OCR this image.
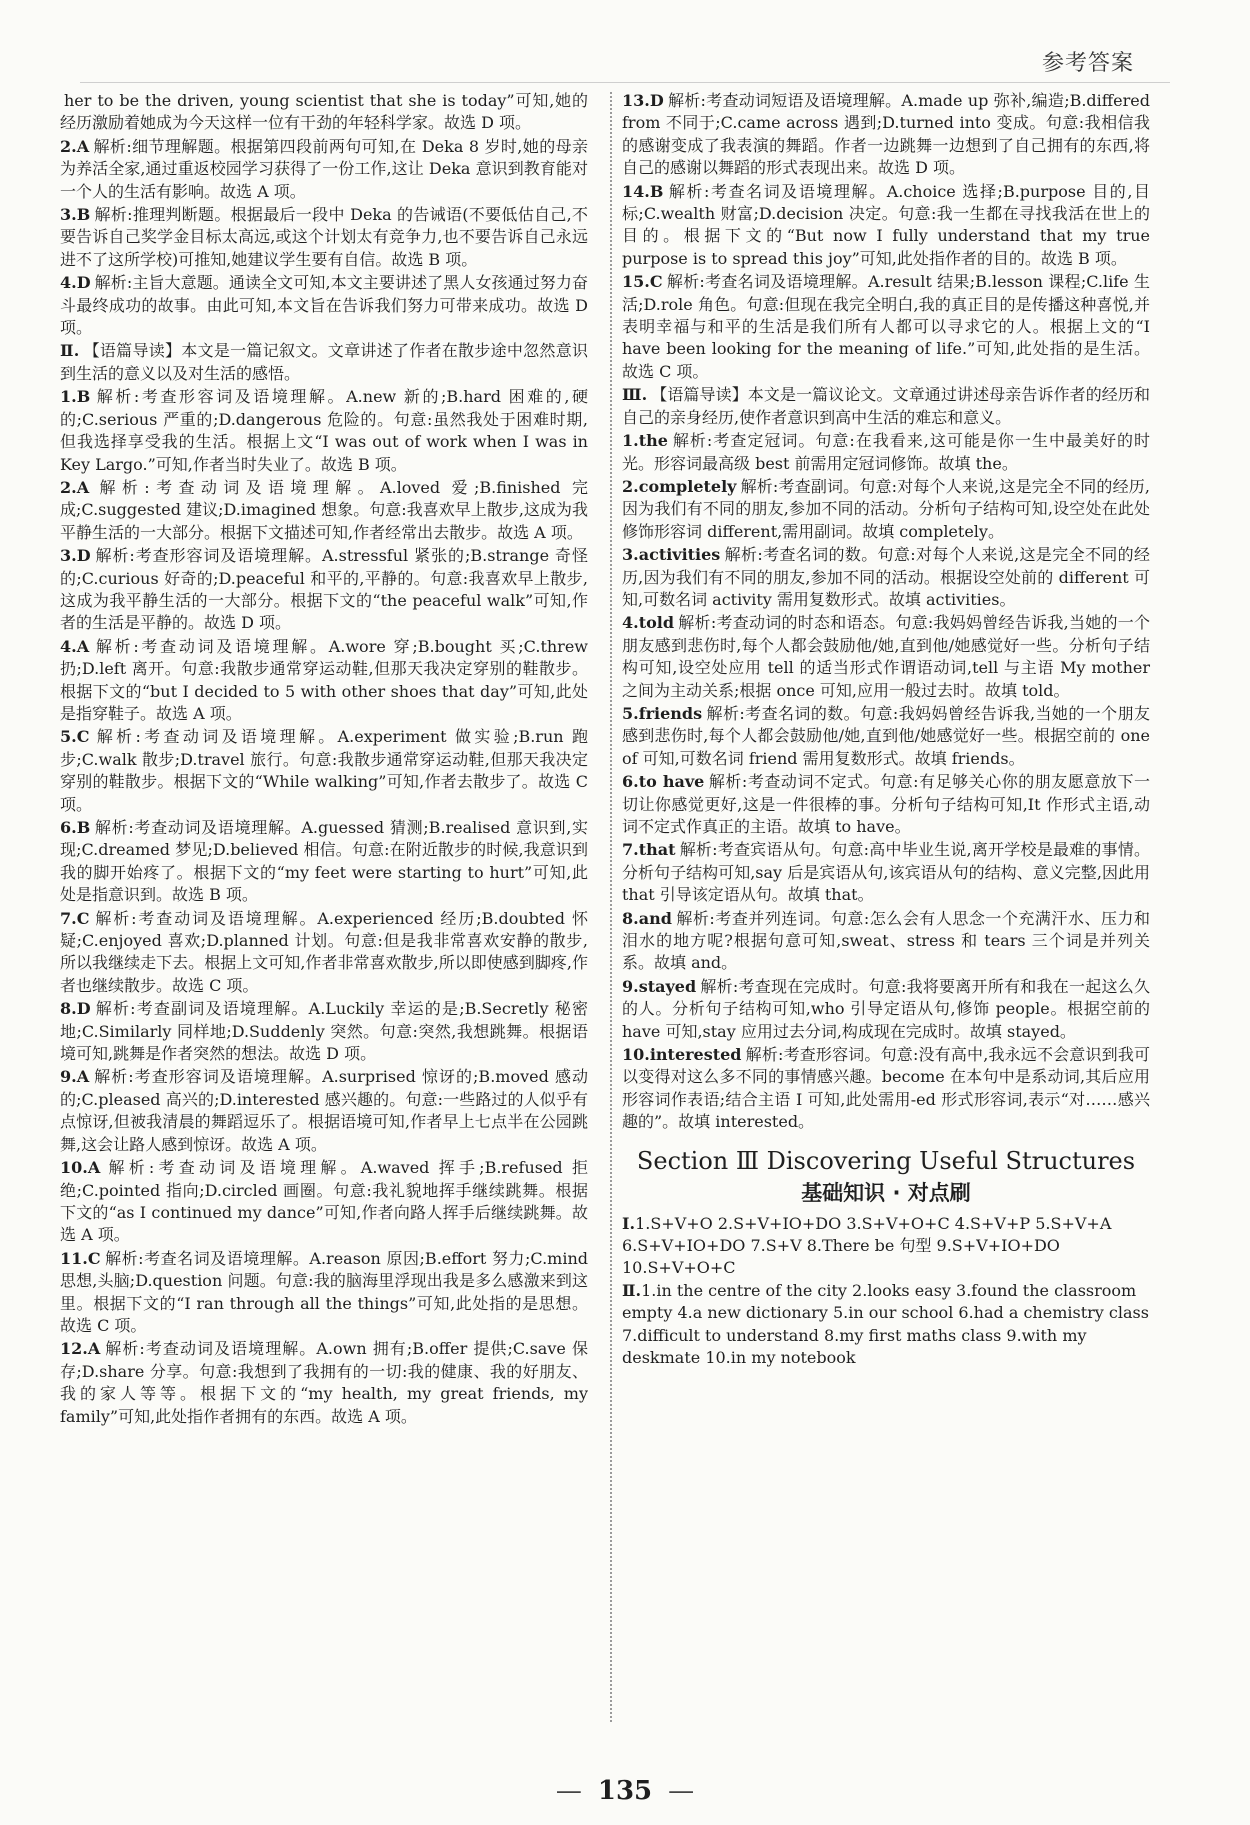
参考答案
her to be the driven, young scientist that she is today”可知,她的经历激励着她成为今天这样一位有干劲的年轻科学家。故选 D 项。
2.A 解析:细节理解题。根据第四段前两句可知,在 Deka 8 岁时,她的母亲为养活全家,通过重返校园学习获得了一份工作,这让 Deka 意识到教育能对一个人的生活有影响。故选 A 项。
3.B 解析:推理判断题。根据最后一段中 Deka 的告诫语(不要低估自己,不要告诉自己奖学金目标太高远,或这个计划太有竞争力,也不要告诉自己永远进不了这所学校)可推知,她建议学生要有自信。故选 B 项。
4.D 解析:主旨大意题。通读全文可知,本文主要讲述了黑人女孩通过努力奋斗最终成功的故事。由此可知,本文旨在告诉我们努力可带来成功。故选 D 项。
Ⅱ. 【语篇导读】本文是一篇记叙文。文章讲述了作者在散步途中忽然意识到生活的意义以及对生活的感悟。
1.B 解析:考查形容词及语境理解。A.new 新的;B.hard 困难的,硬的;C.serious 严重的;D.dangerous 危险的。句意:虽然我处于困难时期,但我选择享受我的生活。根据上文“I was out of work when I was in Key Largo.”可知,作者当时失业了。故选 B 项。
2.A 解析:考查动词及语境理解。A.loved 爱;B.finished 完成;C.suggested 建议;D.imagined 想象。句意:我喜欢早上散步,这成为我平静生活的一大部分。根据下文描述可知,作者经常出去散步。故选 A 项。
3.D 解析:考查形容词及语境理解。A.stressful 紧张的;B.strange 奇怪的;C.curious 好奇的;D.peaceful 和平的,平静的。句意:我喜欢早上散步,这成为我平静生活的一大部分。根据下文的“the peaceful walk”可知,作者的生活是平静的。故选 D 项。
4.A 解析:考查动词及语境理解。A.wore 穿;B.bought 买;C.threw 扔;D.left 离开。句意:我散步通常穿运动鞋,但那天我决定穿别的鞋散步。根据下文的“but I decided to 5 with other shoes that day”可知,此处是指穿鞋子。故选 A 项。
5.C 解析:考查动词及语境理解。A.experiment 做实验;B.run 跑步;C.walk 散步;D.travel 旅行。句意:我散步通常穿运动鞋,但那天我决定穿别的鞋散步。根据下文的“While walking”可知,作者去散步了。故选 C 项。
6.B 解析:考查动词及语境理解。A.guessed 猜测;B.realised 意识到,实现;C.dreamed 梦见;D.believed 相信。句意:在附近散步的时候,我意识到我的脚开始疼了。根据下文的“my feet were starting to hurt”可知,此处是指意识到。故选 B 项。
7.C 解析:考查动词及语境理解。A.experienced 经历;B.doubted 怀疑;C.enjoyed 喜欢;D.planned 计划。句意:但是我非常喜欢安静的散步,所以我继续走下去。根据上文可知,作者非常喜欢散步,所以即使感到脚疼,作者也继续散步。故选 C 项。
8.D 解析:考查副词及语境理解。A.Luckily 幸运的是;B.Secretly 秘密地;C.Similarly 同样地;D.Suddenly 突然。句意:突然,我想跳舞。根据语境可知,跳舞是作者突然的想法。故选 D 项。
9.A 解析:考查形容词及语境理解。A.surprised 惊讶的;B.moved 感动的;C.pleased 高兴的;D.interested 感兴趣的。句意:一些路过的人似乎有点惊讶,但被我清晨的舞蹈逗乐了。根据语境可知,作者早上七点半在公园跳舞,这会让路人感到惊讶。故选 A 项。
10.A 解析:考查动词及语境理解。A.waved 挥手;B.refused 拒绝;C.pointed 指向;D.circled 画圈。句意:我礼貌地挥手继续跳舞。根据下文的“as I continued my dance”可知,作者向路人挥手后继续跳舞。故选 A 项。
11.C 解析:考查名词及语境理解。A.reason 原因;B.effort 努力;C.mind 思想,头脑;D.question 问题。句意:我的脑海里浮现出我是多么感激来到这里。根据下文的“I ran through all the things”可知,此处指的是思想。故选 C 项。
12.A 解析:考查动词及语境理解。A.own 拥有;B.offer 提供;C.save 保存;D.share 分享。句意:我想到了我拥有的一切:我的健康、我的好朋友、我的家人等等。根据下文的“my health, my great friends, my family”可知,此处指作者拥有的东西。故选 A 项。
13.D 解析:考查动词短语及语境理解。A.made up 弥补,编造;B.differed from 不同于;C.came across 遇到;D.turned into 变成。句意:我相信我的感谢变成了我表演的舞蹈。作者一边跳舞一边想到了自己拥有的东西,将自己的感谢以舞蹈的形式表现出来。故选 D 项。
14.B 解析:考查名词及语境理解。A.choice 选择;B.purpose 目的,目标;C.wealth 财富;D.decision 决定。句意:我一生都在寻找我活在世上的目的。根据下文的“But now I fully understand that my true purpose is to spread this joy”可知,此处指作者的目的。故选 B 项。
15.C 解析:考查名词及语境理解。A.result 结果;B.lesson 课程;C.life 生活;D.role 角色。句意:但现在我完全明白,我的真正目的是传播这种喜悦,并表明幸福与和平的生活是我们所有人都可以寻求它的人。根据上文的“I have been looking for the meaning of life.”可知,此处指的是生活。故选 C 项。
Ⅲ. 【语篇导读】本文是一篇议论文。文章通过讲述母亲告诉作者的经历和自己的亲身经历,使作者意识到高中生活的难忘和意义。
1.the 解析:考查定冠词。句意:在我看来,这可能是你一生中最美好的时光。形容词最高级 best 前需用定冠词修饰。故填 the。
2.completely 解析:考查副词。句意:对每个人来说,这是完全不同的经历,因为我们有不同的朋友,参加不同的活动。分析句子结构可知,设空处在此处修饰形容词 different,需用副词。故填 completely。
3.activities 解析:考查名词的数。句意:对每个人来说,这是完全不同的经历,因为我们有不同的朋友,参加不同的活动。根据设空处前的 different 可知,可数名词 activity 需用复数形式。故填 activities。
4.told 解析:考查动词的时态和语态。句意:我妈妈曾经告诉我,当她的一个朋友感到悲伤时,每个人都会鼓励他/她,直到他/她感觉好一些。分析句子结构可知,设空处应用 tell 的适当形式作谓语动词,tell 与主语 My mother 之间为主动关系;根据 once 可知,应用一般过去时。故填 told。
5.friends 解析:考查名词的数。句意:我妈妈曾经告诉我,当她的一个朋友感到悲伤时,每个人都会鼓励他/她,直到他/她感觉好一些。根据空前的 one of 可知,可数名词 friend 需用复数形式。故填 friends。
6.to have 解析:考查动词不定式。句意:有足够关心你的朋友愿意放下一切让你感觉更好,这是一件很棒的事。分析句子结构可知,It 作形式主语,动词不定式作真正的主语。故填 to have。
7.that 解析:考查宾语从句。句意:高中毕业生说,离开学校是最难的事情。分析句子结构可知,say 后是宾语从句,该宾语从句的结构、意义完整,因此用 that 引导该定语从句。故填 that。
8.and 解析:考查并列连词。句意:怎么会有人思念一个充满汗水、压力和泪水的地方呢?根据句意可知,sweat、stress 和 tears 三个词是并列关系。故填 and。
9.stayed 解析:考查现在完成时。句意:我将要离开所有和我在一起这么久的人。分析句子结构可知,who 引导定语从句,修饰 people。根据空前的 have 可知,stay 应用过去分词,构成现在完成时。故填 stayed。
10.interested 解析:考查形容词。句意:没有高中,我永远不会意识到我可以变得对这么多不同的事情感兴趣。become 在本句中是系动词,其后应用形容词作表语;结合主语 I 可知,此处需用-ed 形式形容词,表示“对……感兴趣的”。故填 interested。
Section Ⅲ Discovering Useful Structures
基础知识 · 对点刷
Ⅰ.1.S+V+O 2.S+V+IO+DO 3.S+V+O+C 4.S+V+P 5.S+V+A 6.S+V+IO+DO 7.S+V 8.There be 句型 9.S+V+IO+DO 10.S+V+O+C
Ⅱ.1.in the centre of the city 2.looks easy 3.found the classroom empty 4.a new dictionary 5.in our school 6.had a chemistry class 7.difficult to understand 8.my first maths class 9.with my deskmate 10.in my notebook
— 135 —
